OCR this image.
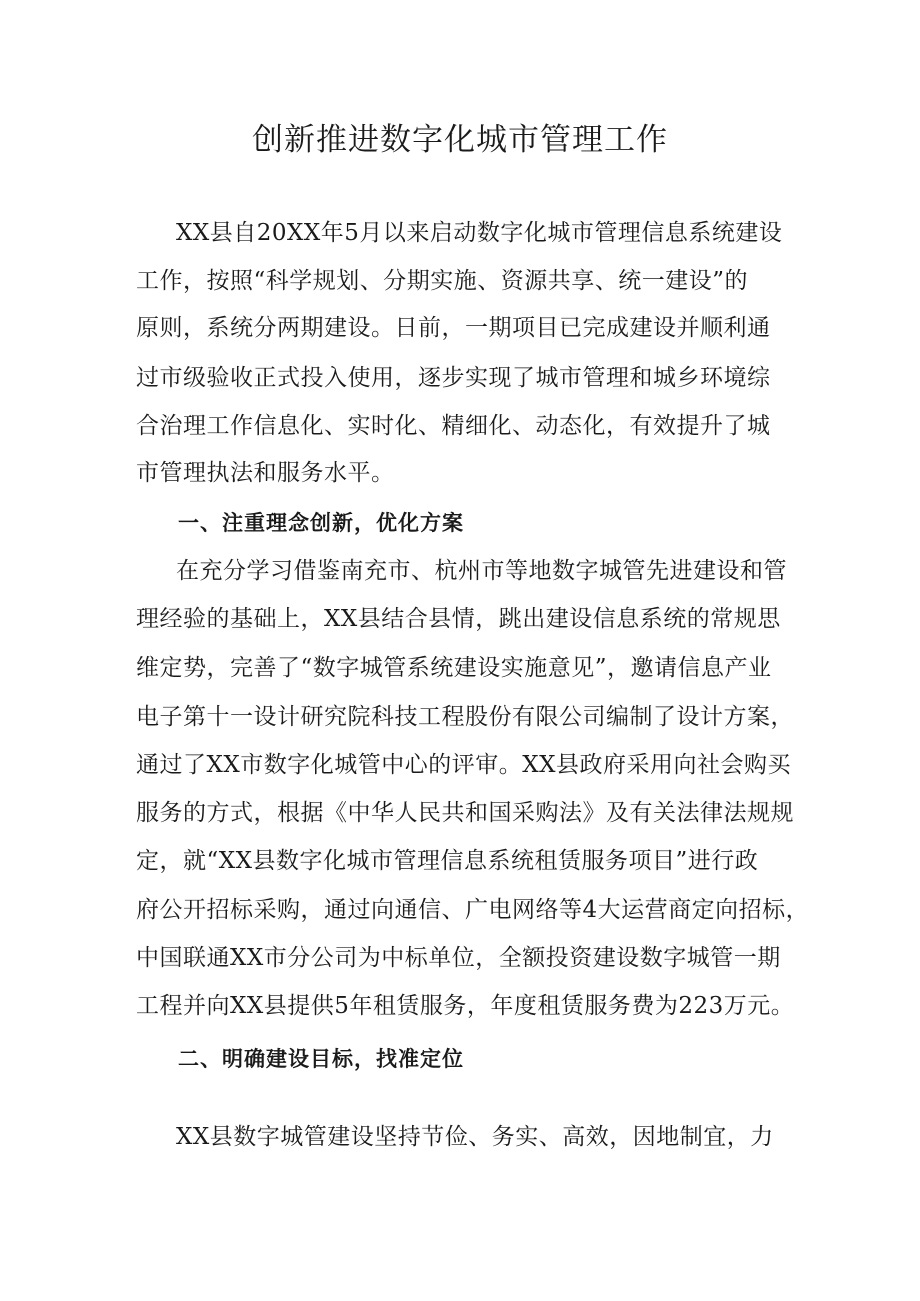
创新推进数字化城市管理工作
XX县自20XX年5月以来启动数字化城市管理信息系统建设
工作，按照“科学规划、分期实施、资源共享、统一建设”的
原则，系统分两期建设。日前，一期项目已完成建设并顺利通
过市级验收正式投入使用，逐步实现了城市管理和城乡环境综
合治理工作信息化、实时化、精细化、动态化，有效提升了城
市管理执法和服务水平。
一、注重理念创新，优化方案
在充分学习借鉴南充市、杭州市等地数字城管先进建设和管
理经验的基础上，XX县结合县情，跳出建设信息系统的常规思
维定势，完善了“数字城管系统建设实施意见”，邀请信息产业
电子第十一设计研究院科技工程股份有限公司编制了设计方案，
通过了XX市数字化城管中心的评审。XX县政府采用向社会购买
服务的方式，根据《中华人民共和国采购法》及有关法律法规规
定，就“XX县数字化城市管理信息系统租赁服务项目”进行政
府公开招标采购，通过向通信、广电网络等4大运营商定向招标，
中国联通XX市分公司为中标单位，全额投资建设数字城管一期
工程并向XX县提供5年租赁服务，年度租赁服务费为223万元。
二、明确建设目标，找准定位
XX县数字城管建设坚持节俭、务实、高效，因地制宜，力
